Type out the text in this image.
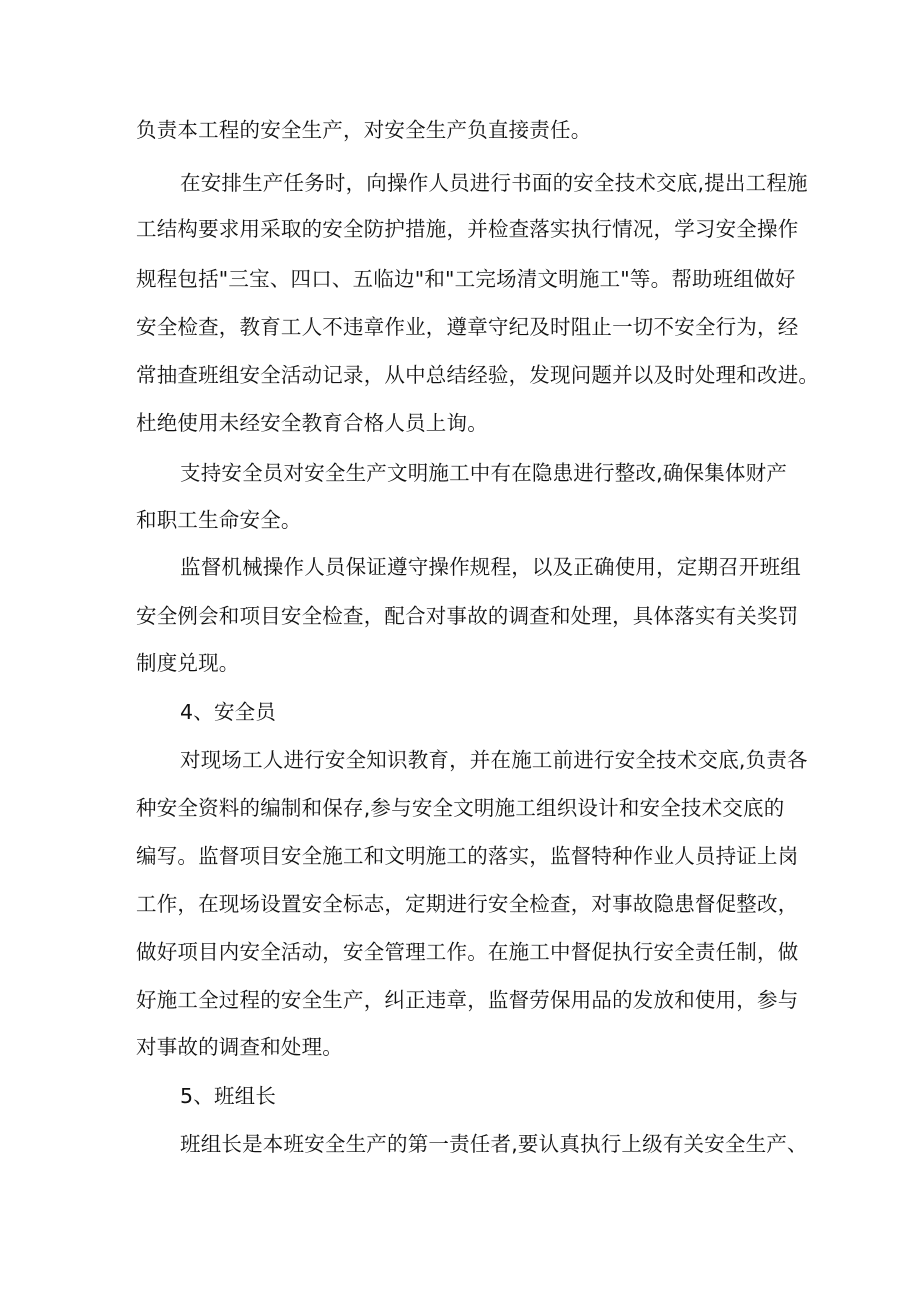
负责本工程的安全生产，对安全生产负直接责任。
在安排生产任务时，向操作人员进行书面的安全技术交底,提出工程施
工结构要求用采取的安全防护措施，并检查落实执行情况，学习安全操作
规程包括"三宝、四口、五临边"和"工完场清文明施工"等。帮助班组做好
安全检查，教育工人不违章作业，遵章守纪及时阻止一切不安全行为，经
常抽查班组安全活动记录，从中总结经验，发现问题并以及时处理和改进。
杜绝使用未经安全教育合格人员上询。
支持安全员对安全生产文明施工中有在隐患进行整改,确保集体财产
和职工生命安全。
监督机械操作人员保证遵守操作规程，以及正确使用，定期召开班组
安全例会和项目安全检查，配合对事故的调查和处理，具体落实有关奖罚
制度兑现。
4、安全员
对现场工人进行安全知识教育，并在施工前进行安全技术交底,负责各
种安全资料的编制和保存,参与安全文明施工组织设计和安全技术交底的
编写。监督项目安全施工和文明施工的落实，监督特种作业人员持证上岗
工作，在现场设置安全标志，定期进行安全检查，对事故隐患督促整改，
做好项目内安全活动，安全管理工作。在施工中督促执行安全责任制，做
好施工全过程的安全生产，纠正违章，监督劳保用品的发放和使用，参与
对事故的调查和处理。
5、班组长
班组长是本班安全生产的第一责任者,要认真执行上级有关安全生产、
